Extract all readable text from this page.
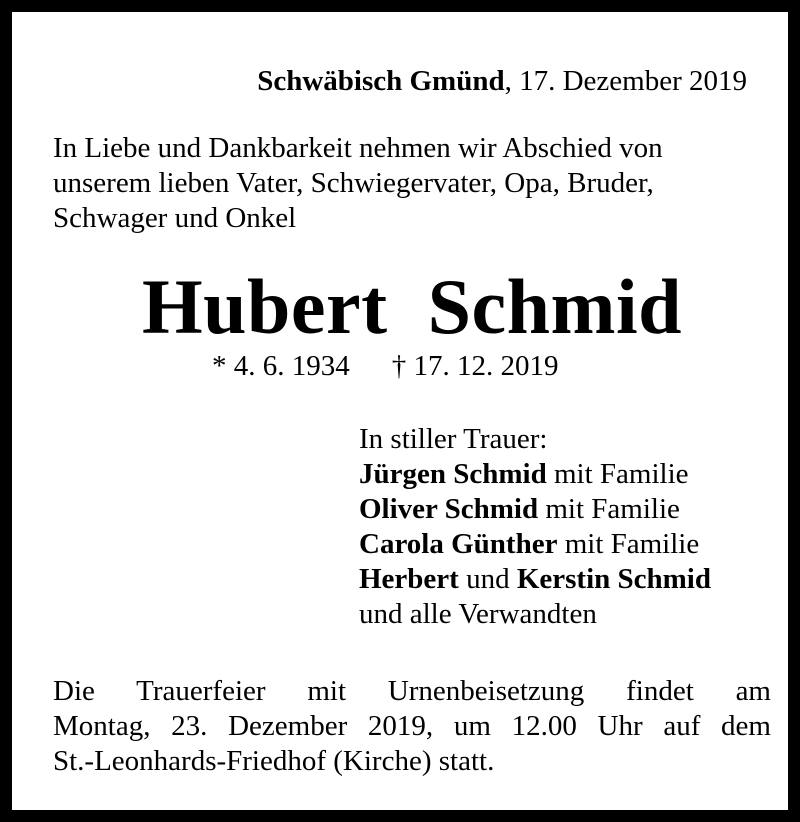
Schwäbisch Gmünd, 17. Dezember 2019
In Liebe und Dankbarkeit nehmen wir Abschied von
unserem lieben Vater, Schwiegervater, Opa, Bruder,
Schwager und Onkel
Hubert Schmid
* 4. 6. 1934 † 17. 12. 2019
In stiller Trauer:
Jürgen Schmid mit Familie
Oliver Schmid mit Familie
Carola Günther mit Familie
Herbert und Kerstin Schmid
und alle Verwandten
Die Trauerfeier mit Urnenbeisetzung findet am
Montag, 23. Dezember 2019, um 12.00 Uhr auf dem
St.-Leonhards-Friedhof (Kirche) statt.
